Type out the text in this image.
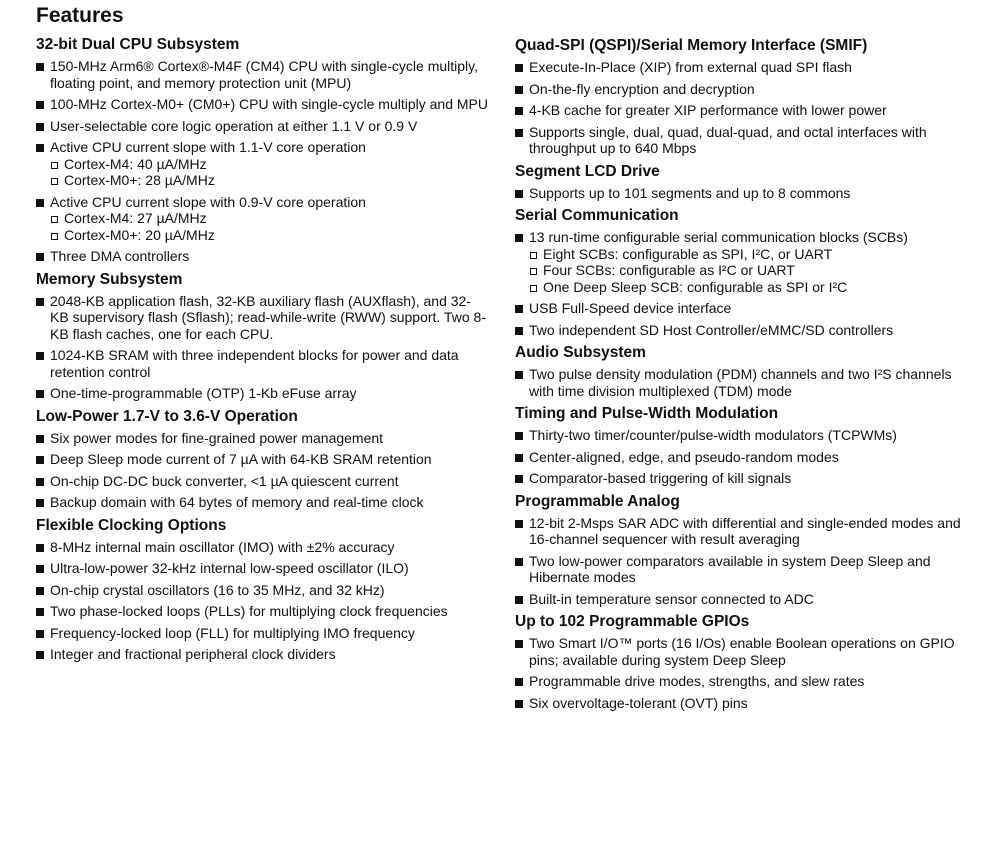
Features
32-bit Dual CPU Subsystem
150-MHz Arm6® Cortex®-M4F (CM4) CPU with single-cycle multiply, floating point, and memory protection unit (MPU)
100-MHz Cortex-M0+ (CM0+) CPU with single-cycle multiply and MPU
User-selectable core logic operation at either 1.1 V or 0.9 V
Active CPU current slope with 1.1-V core operation
Cortex-M4: 40 µA/MHz
Cortex-M0+: 28 µA/MHz
Active CPU current slope with 0.9-V core operation
Cortex-M4: 27 µA/MHz
Cortex-M0+: 20 µA/MHz
Three DMA controllers
Memory Subsystem
2048-KB application flash, 32-KB auxiliary flash (AUXflash), and 32-KB supervisory flash (Sflash); read-while-write (RWW) support. Two 8-KB flash caches, one for each CPU.
1024-KB SRAM with three independent blocks for power and data retention control
One-time-programmable (OTP) 1-Kb eFuse array
Low-Power 1.7-V to 3.6-V Operation
Six power modes for fine-grained power management
Deep Sleep mode current of 7 µA with 64-KB SRAM retention
On-chip DC-DC buck converter, <1 µA quiescent current
Backup domain with 64 bytes of memory and real-time clock
Flexible Clocking Options
8-MHz internal main oscillator (IMO) with ±2% accuracy
Ultra-low-power 32-kHz internal low-speed oscillator (ILO)
On-chip crystal oscillators (16 to 35 MHz, and 32 kHz)
Two phase-locked loops (PLLs) for multiplying clock frequencies
Frequency-locked loop (FLL) for multiplying IMO frequency
Integer and fractional peripheral clock dividers
Quad-SPI (QSPI)/Serial Memory Interface (SMIF)
Execute-In-Place (XIP) from external quad SPI flash
On-the-fly encryption and decryption
4-KB cache for greater XIP performance with lower power
Supports single, dual, quad, dual-quad, and octal interfaces with throughput up to 640 Mbps
Segment LCD Drive
Supports up to 101 segments and up to 8 commons
Serial Communication
13 run-time configurable serial communication blocks (SCBs)
Eight SCBs: configurable as SPI, I²C, or UART
Four SCBs: configurable as I²C or UART
One Deep Sleep SCB: configurable as SPI or I²C
USB Full-Speed device interface
Two independent SD Host Controller/eMMC/SD controllers
Audio Subsystem
Two pulse density modulation (PDM) channels and two I²S channels with time division multiplexed (TDM) mode
Timing and Pulse-Width Modulation
Thirty-two timer/counter/pulse-width modulators (TCPWMs)
Center-aligned, edge, and pseudo-random modes
Comparator-based triggering of kill signals
Programmable Analog
12-bit 2-Msps SAR ADC with differential and single-ended modes and 16-channel sequencer with result averaging
Two low-power comparators available in system Deep Sleep and Hibernate modes
Built-in temperature sensor connected to ADC
Up to 102 Programmable GPIOs
Two Smart I/O™ ports (16 I/Os) enable Boolean operations on GPIO pins; available during system Deep Sleep
Programmable drive modes, strengths, and slew rates
Six overvoltage-tolerant (OVT) pins
